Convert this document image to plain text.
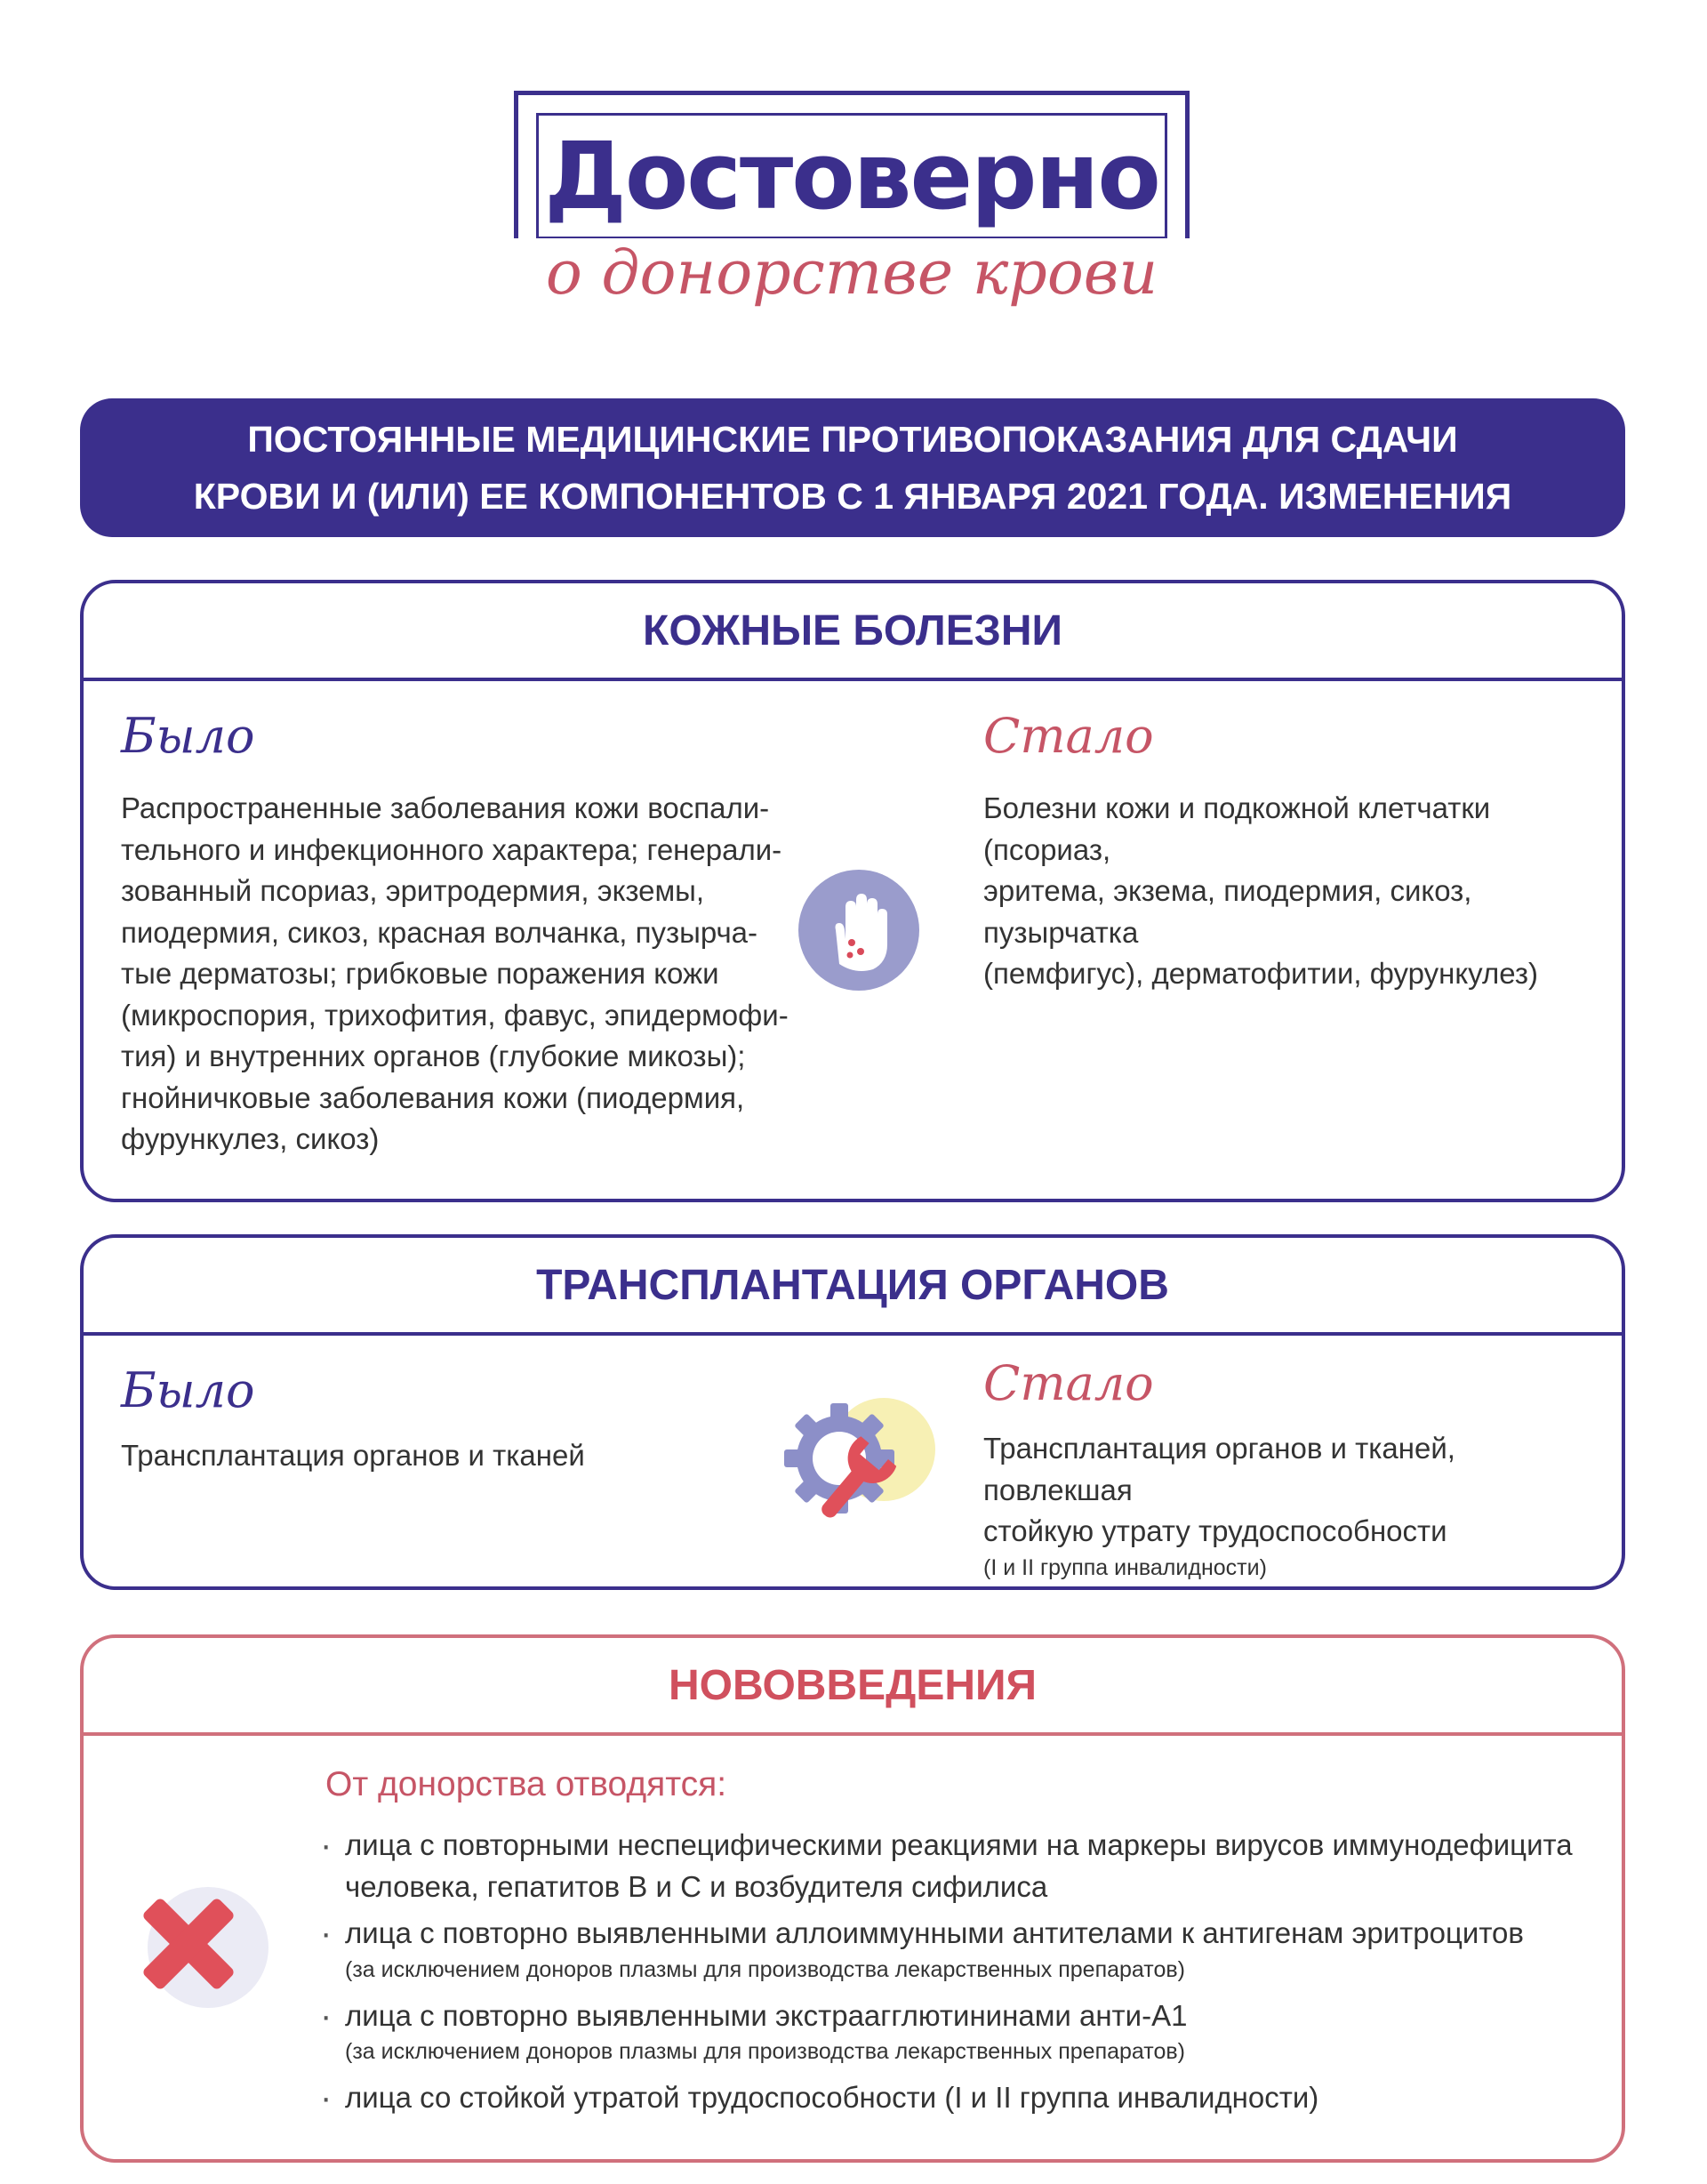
Достоверно
о донорстве крови
ПОСТОЯННЫЕ МЕДИЦИНСКИЕ ПРОТИВОПОКАЗАНИЯ ДЛЯ СДАЧИ
КРОВИ И (ИЛИ) ЕЕ КОМПОНЕНТОВ С 1 ЯНВАРЯ 2021 ГОДА. ИЗМЕНЕНИЯ
КОЖНЫЕ БОЛЕЗНИ
Было

Распространенные заболевания кожи воспали-
тельного и инфекционного характера; генерали-
зованный псориаз, эритродермия, экземы,
пиодермия, сикоз, красная волчанка, пузырча-
тые дерматозы; грибковые поражения кожи
(микроспория, трихофития, фавус, эпидермофи-
тия) и внутренних органов (глубокие микозы);
гнойничковые заболевания кожи (пиодермия,
фурункулез, сикоз)

Стало

Болезни кожи и подкожной клетчатки (псориаз,
эритема, экзема, пиодермия, сикоз, пузырчатка
(пемфигус), дерматофитии, фурункулез)

ТРАНСПЛАНТАЦИЯ ОРГАНОВ
Было

Трансплантация органов и тканей

Стало

Трансплантация органов и тканей, повлекшая
стойкую утрату трудоспособности

(I и II группа инвалидности)
НОВОВВЕДЕНИЯ
От донорства отводятся:
· лица с повторными неспецифическими реакциями на маркеры вирусов иммунодефицита
человека, гепатитов В и С и возбудителя сифилиса
· лица с повторно выявленными аллоиммунными антителами к антигенам эритроцитов
(за исключением доноров плазмы для производства лекарственных препаратов)
· лица с повторно выявленными экстраагглютининами анти-А1
(за исключением доноров плазмы для производства лекарственных препаратов)
· лица со стойкой утратой трудоспособности (I и II группа инвалидности)
